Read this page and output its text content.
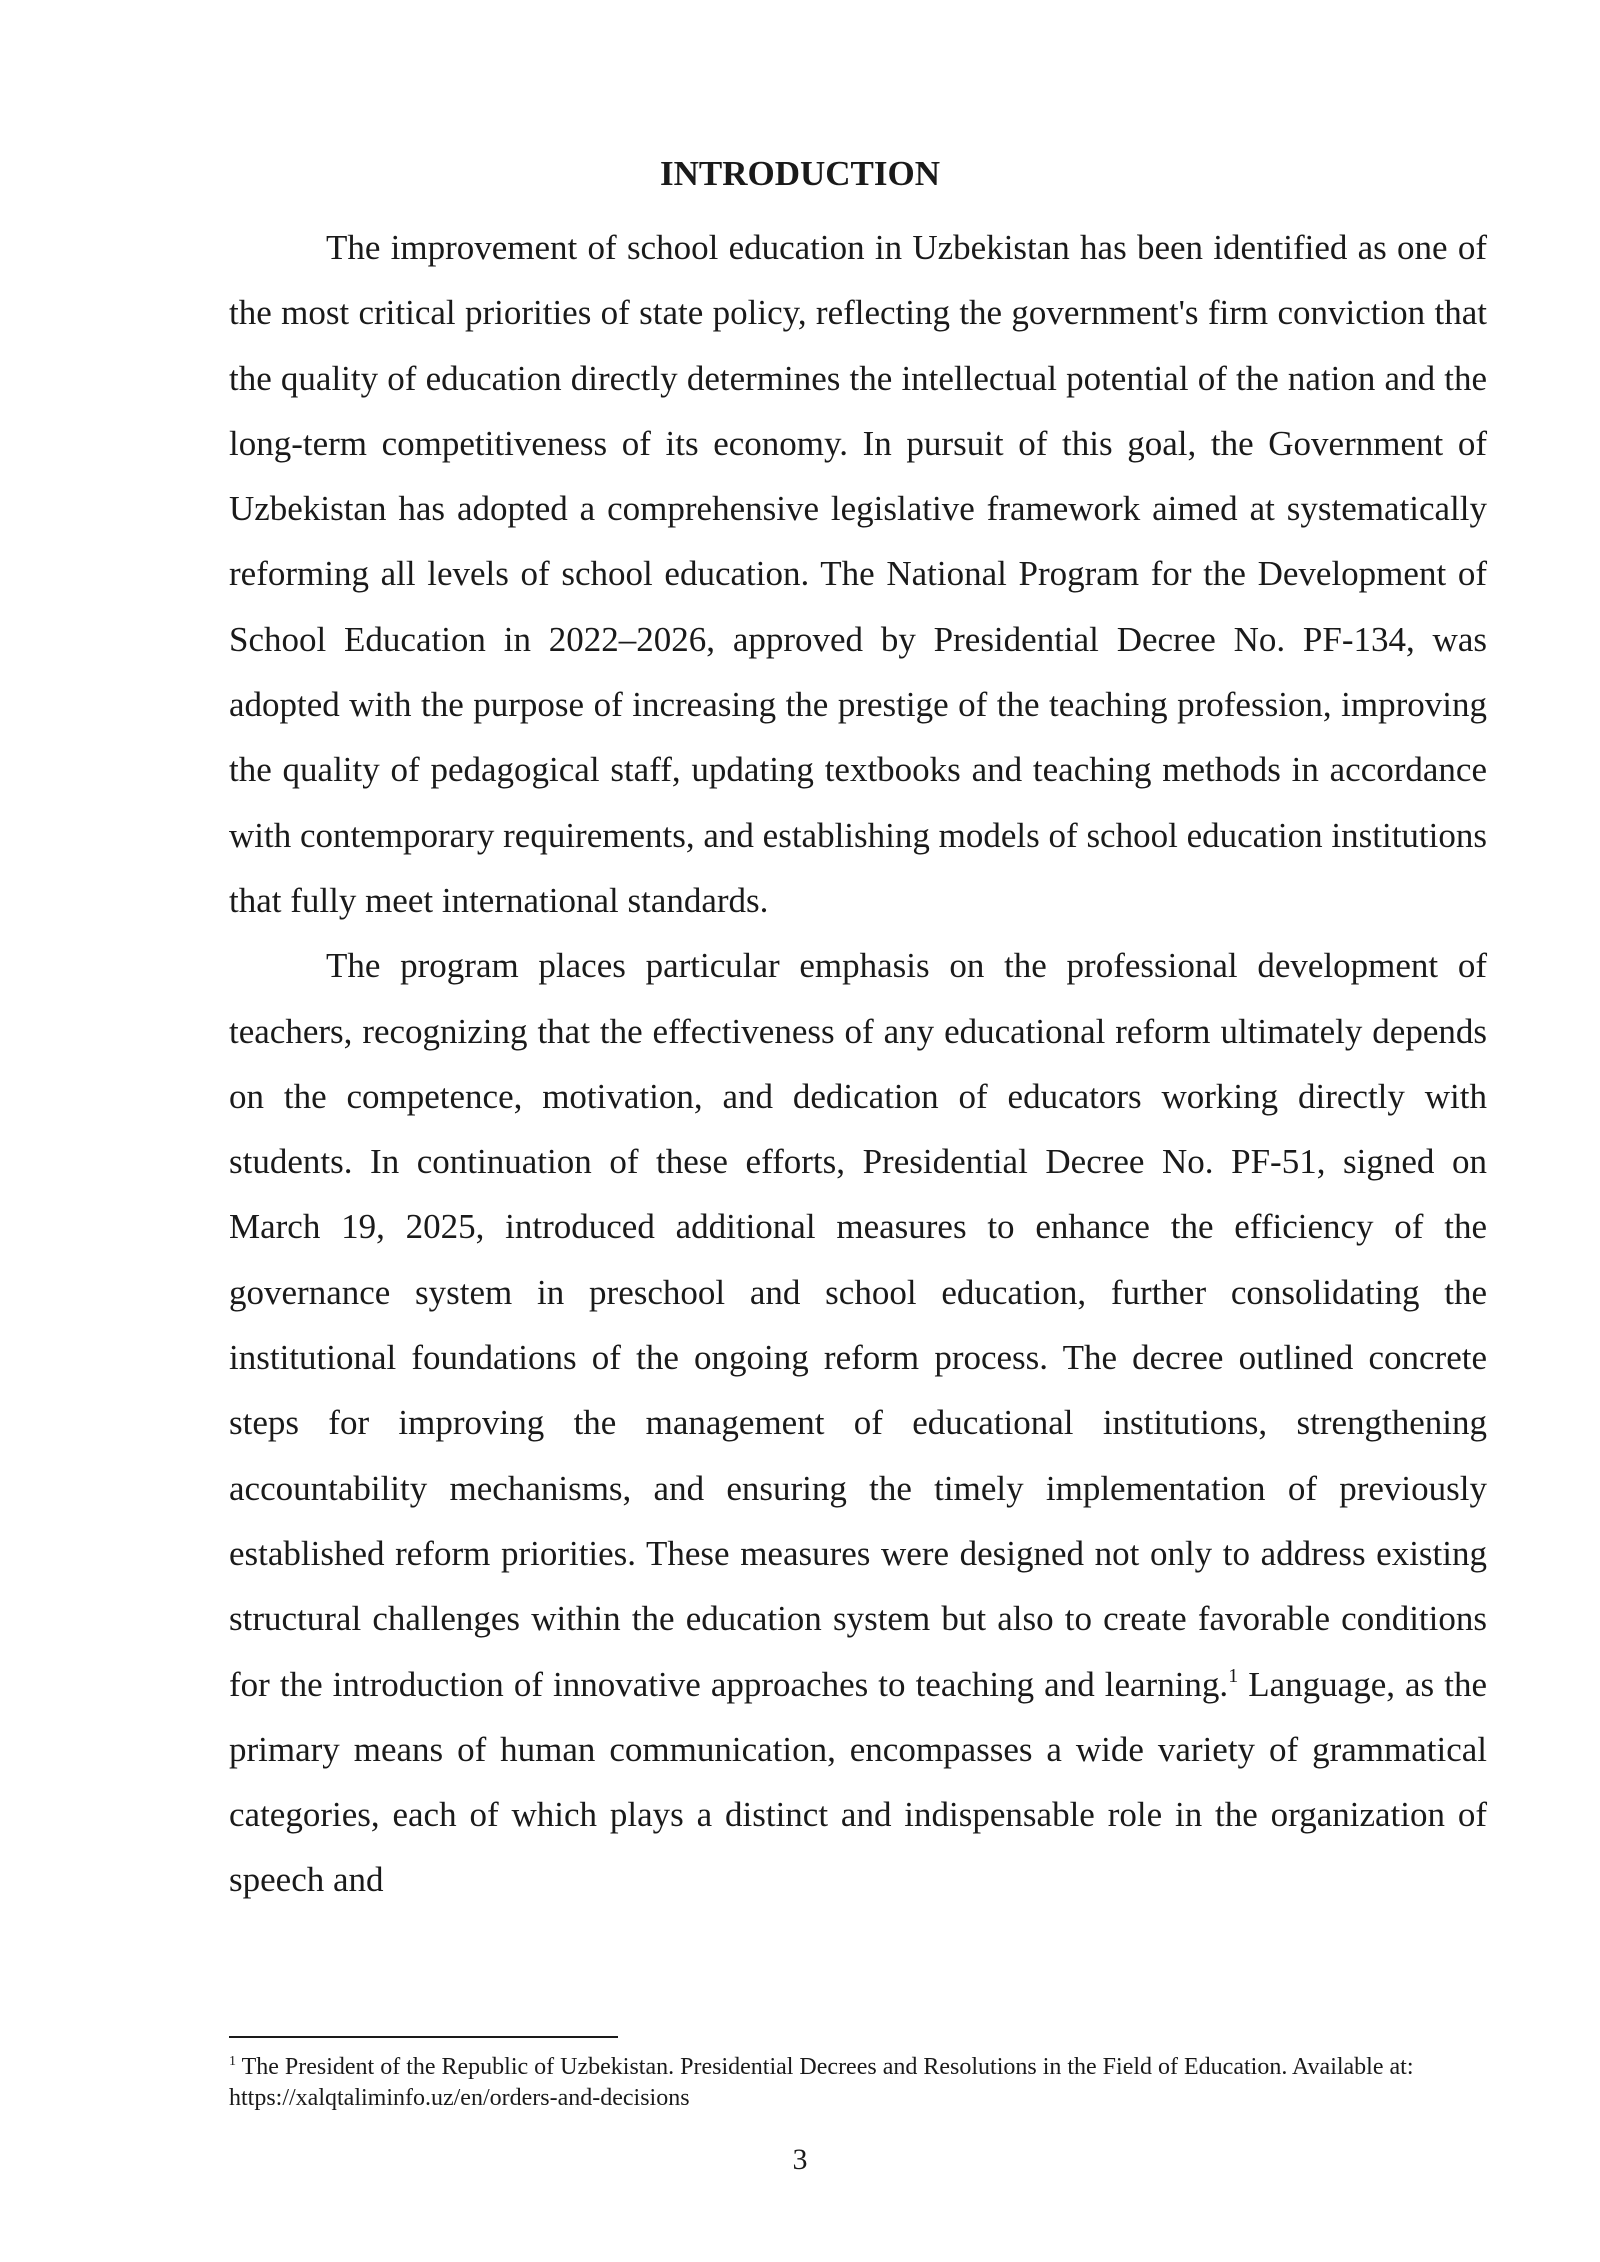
INTRODUCTION

The improvement of school education in Uzbekistan has been identified as one of the most critical priorities of state policy, reflecting the government's firm conviction that the quality of education directly determines the intellectual potential of the nation and the long-term competitiveness of its economy. In pursuit of this goal, the Government of Uzbekistan has adopted a comprehensive legislative framework aimed at systematically reforming all levels of school education. The National Program for the Development of School Education in 2022–2026, approved by Presidential Decree No. PF-134, was adopted with the purpose of increasing the prestige of the teaching profession, improving the quality of pedagogical staff, updating textbooks and teaching methods in accordance with contemporary requirements, and establishing models of school education institutions that fully meet international standards.

The program places particular emphasis on the professional development of teachers, recognizing that the effectiveness of any educational reform ultimately depends on the competence, motivation, and dedication of educators working directly with students. In continuation of these efforts, Presidential Decree No. PF-51, signed on March 19, 2025, introduced additional measures to enhance the efficiency of the governance system in preschool and school education, further consolidating the institutional foundations of the ongoing reform process. The decree outlined concrete steps for improving the management of educational institutions, strengthening accountability mechanisms, and ensuring the timely implementation of previously established reform priorities. These measures were designed not only to address existing structural challenges within the education system but also to create favorable conditions for the introduction of innovative approaches to teaching and learning.$^1$ Language, as the primary means of human communication, encompasses a wide variety of grammatical categories, each of which plays a distinct and indispensable role in the organization of speech and

$^1$ The President of the Republic of Uzbekistan. Presidential Decrees and Resolutions in the Field of Education. Available at: https://xalqtaliminfo.uz/en/orders-and-decisions

3
